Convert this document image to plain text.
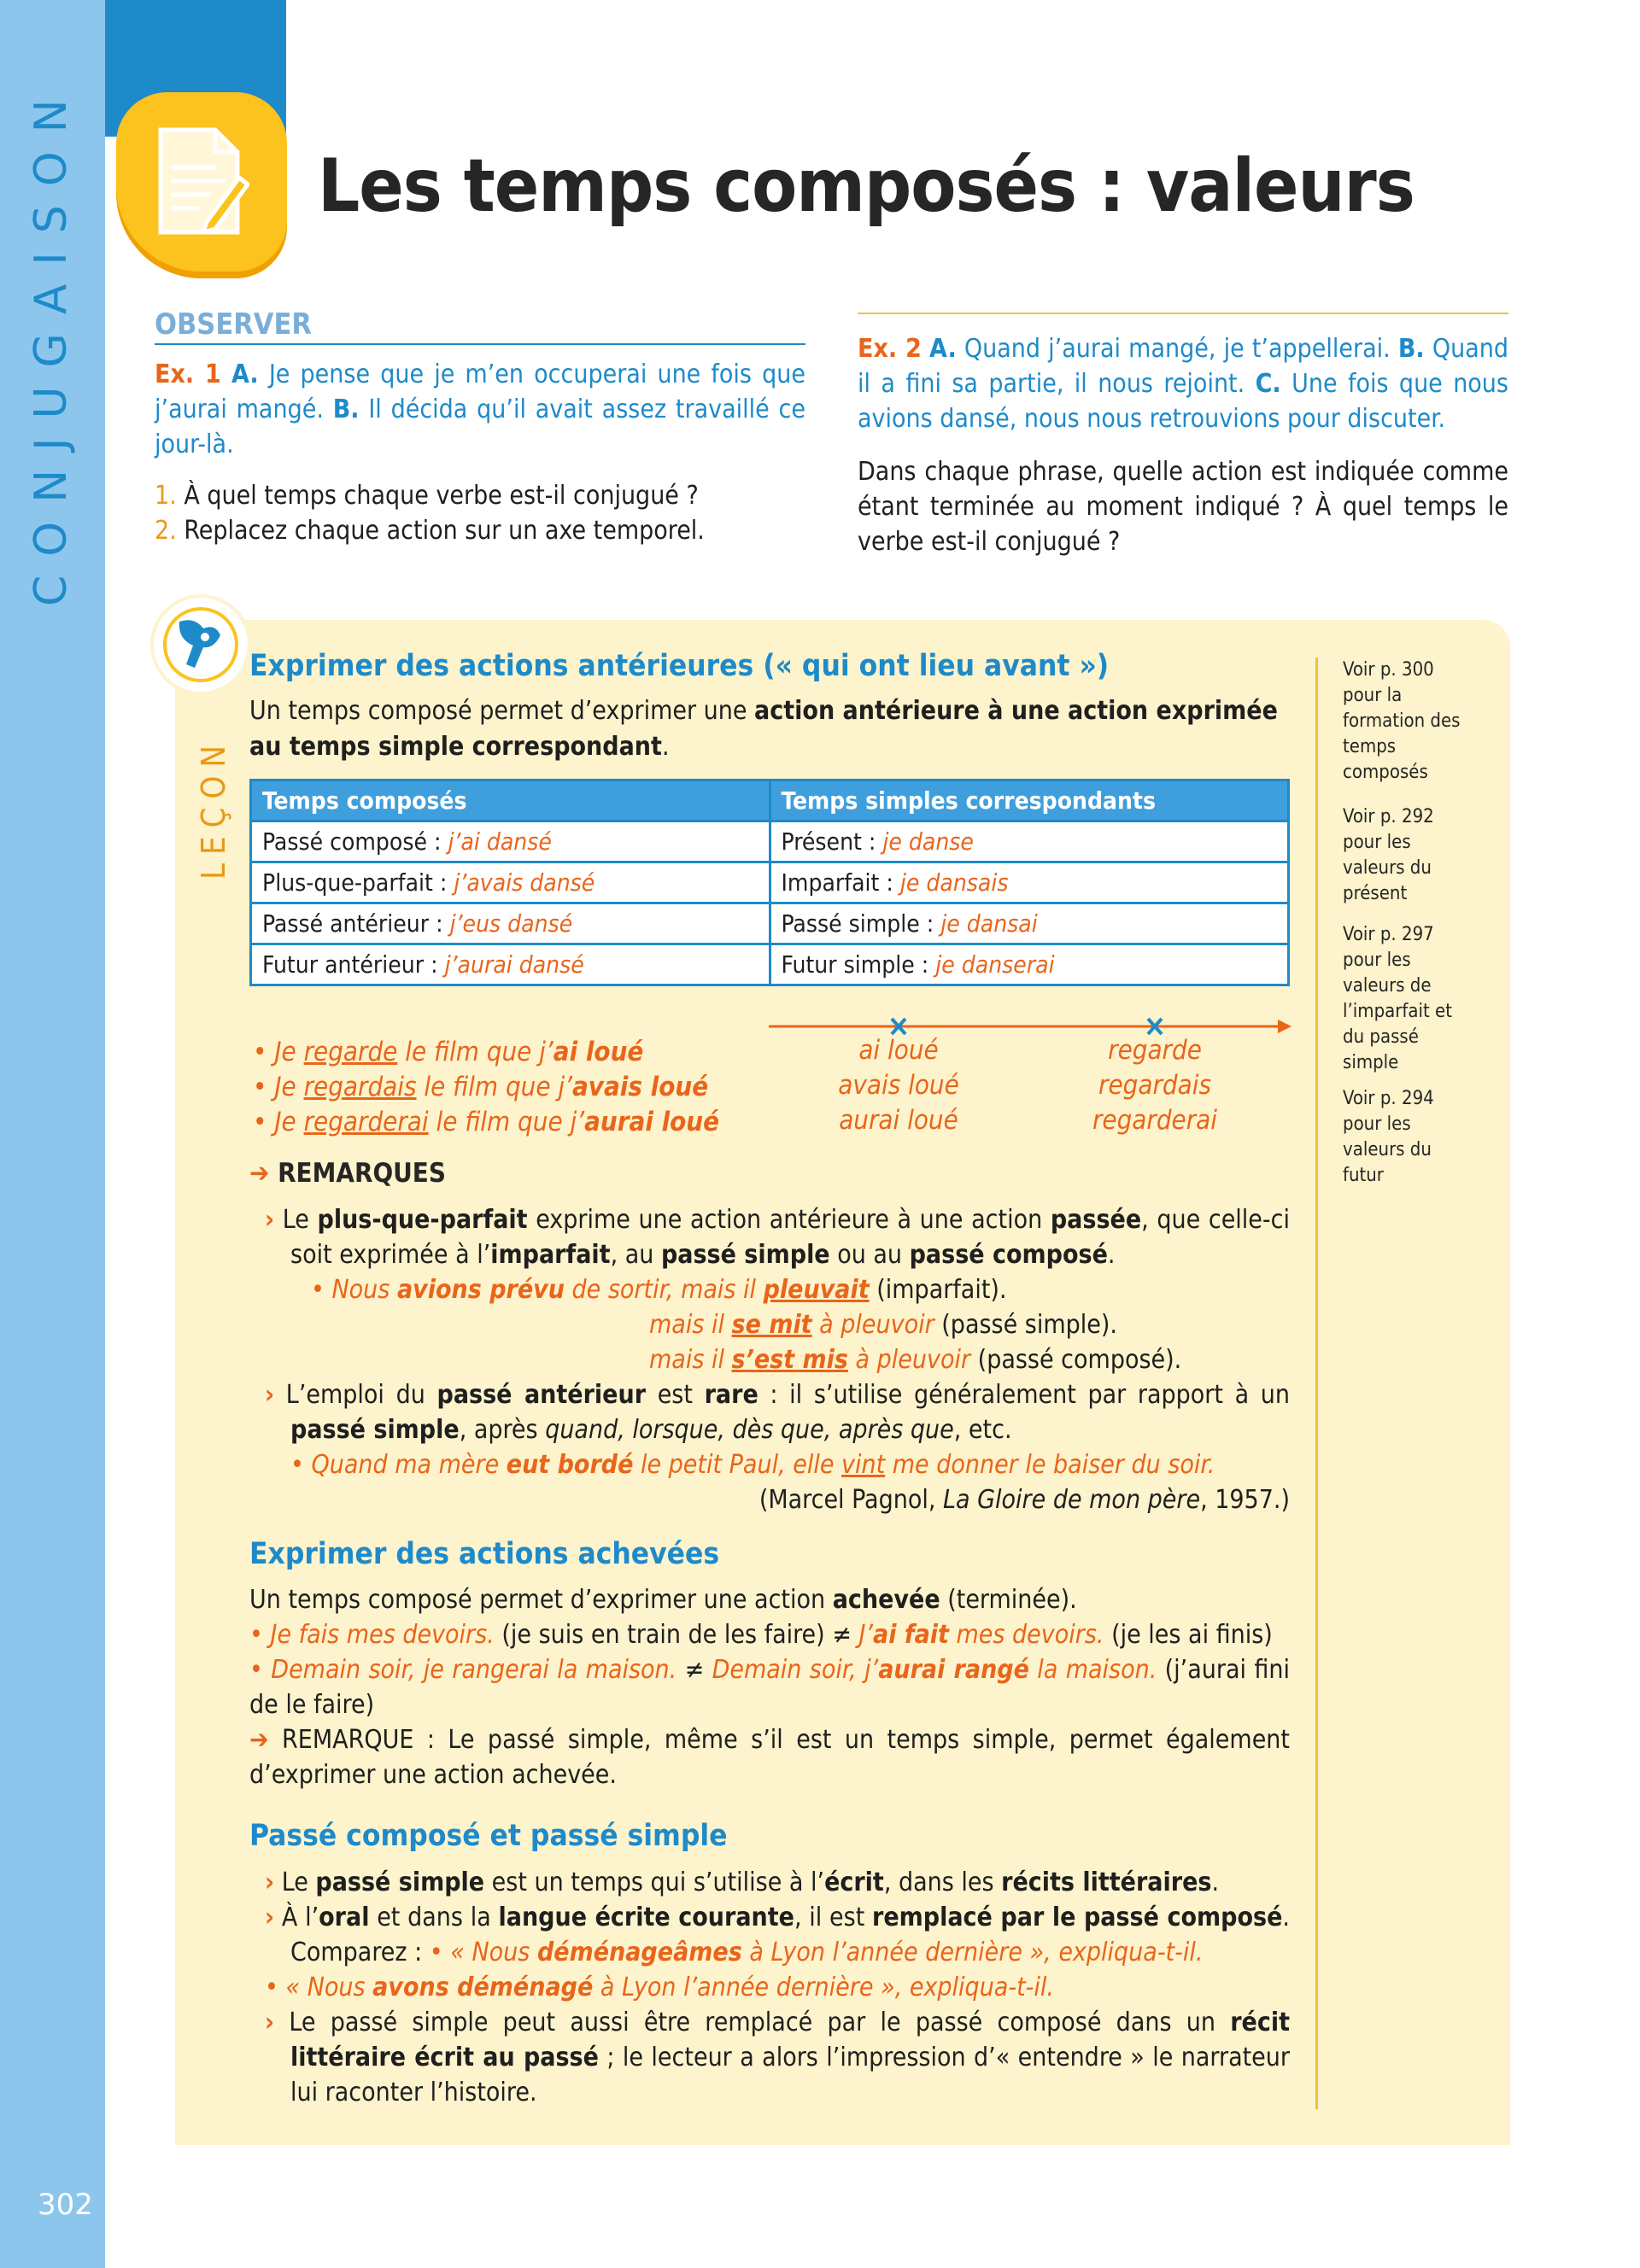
CONJUGAISON
302
Les temps composés : valeurs
OBSERVER
Ex. 1 A. Je pense que je m’en occuperai une fois que j’aurai mangé. B. Il décida qu’il avait assez travaillé ce jour-là.
1. À quel temps chaque verbe est-il conjugué ?
2. Replacez chaque action sur un axe temporel.
Ex. 2 A. Quand j’aurai mangé, je t’appellerai. B. Quand il a fini sa partie, il nous rejoint. C. Une fois que nous avions dansé, nous nous retrouvions pour discuter.
Dans chaque phrase, quelle action est indiquée comme étant terminée au moment indiqué ? À quel temps le verbe est-il conjugué ?
LEÇON
Exprimer des actions antérieures (« qui ont lieu avant »)
Un temps composé permet d’exprimer une action antérieure à une action exprimée au temps simple correspondant.
Temps composés	Temps simples correspondants
Passé composé : j’ai dansé	Présent : je danse
Plus-que-parfait : j’avais dansé	Imparfait : je dansais
Passé antérieur : j’eus dansé	Passé simple : je dansai
Futur antérieur : j’aurai dansé	Futur simple : je danserai
• Je regarde le film que j’ai loué
• Je regardais le film que j’avais loué
• Je regarderai le film que j’aurai loué
ai loué
avais loué
aurai loué
regarde
regardais
regarderai
➔ REMARQUES
› Le plus-que-parfait exprime une action antérieure à une action passée, que celle-ci soit exprimée à l’imparfait, au passé simple ou au passé composé.
• Nous avions prévu de sortir, mais il pleuvait (imparfait).
mais il se mit à pleuvoir (passé simple).
mais il s’est mis à pleuvoir (passé composé).
› L’emploi du passé antérieur est rare : il s’utilise généralement par rapport à un passé simple, après quand, lorsque, dès que, après que, etc.
• Quand ma mère eut bordé le petit Paul, elle vint me donner le baiser du soir.
(Marcel Pagnol, La Gloire de mon père, 1957.)
Exprimer des actions achevées
Un temps composé permet d’exprimer une action achevée (terminée).
• Je fais mes devoirs. (je suis en train de les faire) ≠ J’ai fait mes devoirs. (je les ai finis)
• Demain soir, je rangerai la maison. ≠ Demain soir, j’aurai rangé la maison. (j’aurai fini de le faire)
➔ REMARQUE : Le passé simple, même s’il est un temps simple, permet également d’exprimer une action achevée.
Passé composé et passé simple
› Le passé simple est un temps qui s’utilise à l’écrit, dans les récits littéraires.
› À l’oral et dans la langue écrite courante, il est remplacé par le passé composé. Comparez : • « Nous déménageâmes à Lyon l’année dernière », expliqua-t-il.
• « Nous avons déménagé à Lyon l’année dernière », expliqua-t-il.
› Le passé simple peut aussi être remplacé par le passé composé dans un récit littéraire écrit au passé ; le lecteur a alors l’impression d’« entendre » le narrateur lui raconter l’histoire.
Voir p. 300 pour la formation des temps composés
Voir p. 292 pour les valeurs du présent
Voir p. 297 pour les valeurs de l’imparfait et du passé simple
Voir p. 294 pour les valeurs du futur
